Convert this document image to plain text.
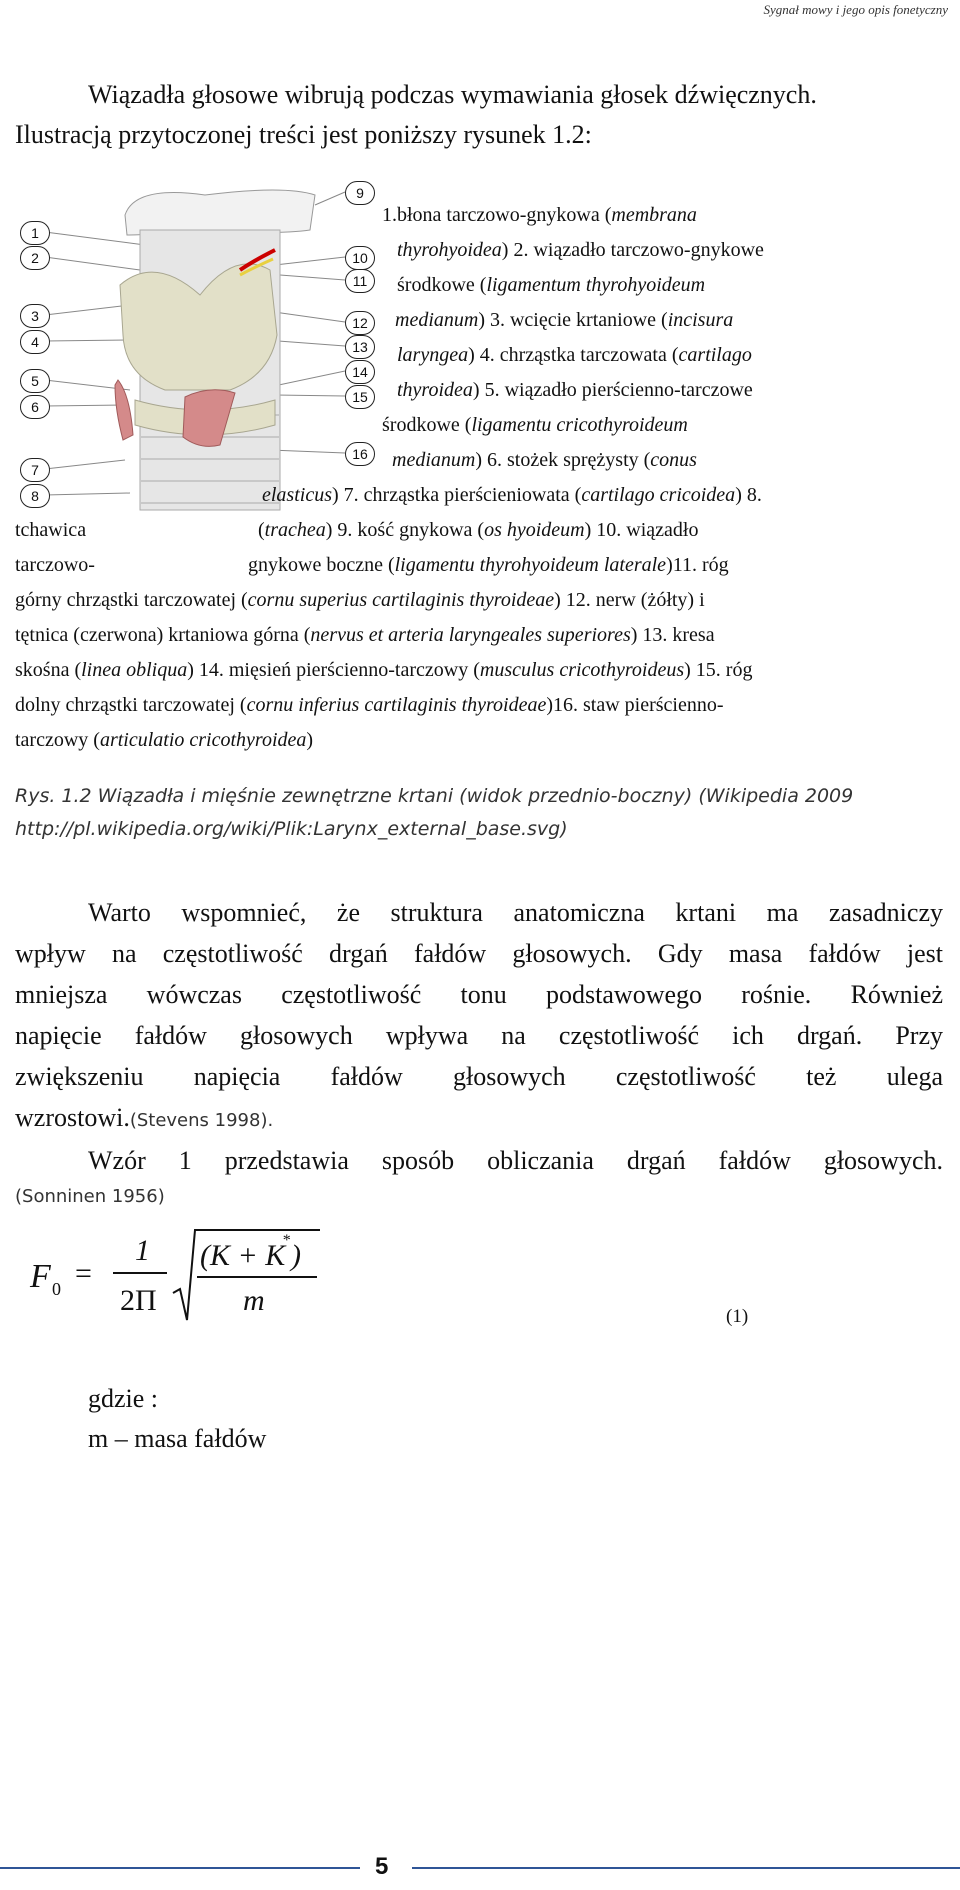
Sygnał mowy i jego opis fonetyczny
Wiązadła głosowe wibrują podczas wymawiania głosek dźwięcznych.
Ilustracją przytoczonej treści jest poniższy rysunek 1.2:
1
2
3
4
5
6
7
8
9
10
11
12
13
14
15
16
1.błona tarczowo-gnykowa (membrana
thyrohyoidea) 2. wiązadło tarczowo-gnykowe
środkowe (ligamentum thyrohyoideum
medianum) 3. wcięcie krtaniowe (incisura
laryngea) 4. chrząstka tarczowata (cartilago
thyroidea) 5. wiązadło pierścienno-tarczowe
środkowe (ligamentu cricothyroideum
medianum) 6. stożek sprężysty (conus
elasticus) 7. chrząstka pierścieniowata (cartilago cricoidea) 8.
tchawica	(trachea) 9. kość gnykowa (os hyoideum) 10. wiązadło
tarczowo-	gnykowe boczne (ligamentu thyrohyoideum laterale)11. róg
górny chrząstki tarczowatej (cornu superius cartilaginis thyroideae) 12. nerw (żółty) i
tętnica (czerwona) krtaniowa górna (nervus et arteria laryngeales superiores) 13. kresa
skośna (linea obliqua) 14. mięsień pierścienno-tarczowy (musculus cricothyroideus) 15. róg
dolny chrząstki tarczowatej (cornu inferius cartilaginis thyroideae)16. staw pierścienno-
tarczowy (articulatio cricothyroidea)
Rys. 1.2 Wiązadła i mięśnie zewnętrzne krtani (widok przednio-boczny) (Wikipedia 2009
http://pl.wikipedia.org/wiki/Plik:Larynx_external_base.svg)
Warto wspomnieć, że struktura anatomiczna krtani ma zasadniczy
wpływ na częstotliwość drgań fałdów głosowych. Gdy masa fałdów jest
mniejsza wówczas częstotliwość tonu podstawowego rośnie. Również
napięcie fałdów głosowych wpływa na częstotliwość ich drgań. Przy
zwiększeniu napięcia fałdów głosowych częstotliwość też ulega
wzrostowi.(Stevens 1998).
Wzór 1 przedstawia sposób obliczania drgań fałdów głosowych.
(Sonninen 1956)
F 0 =
1
2Π
(K + K
* )
m	(1)
gdzie :
m – masa fałdów
5
